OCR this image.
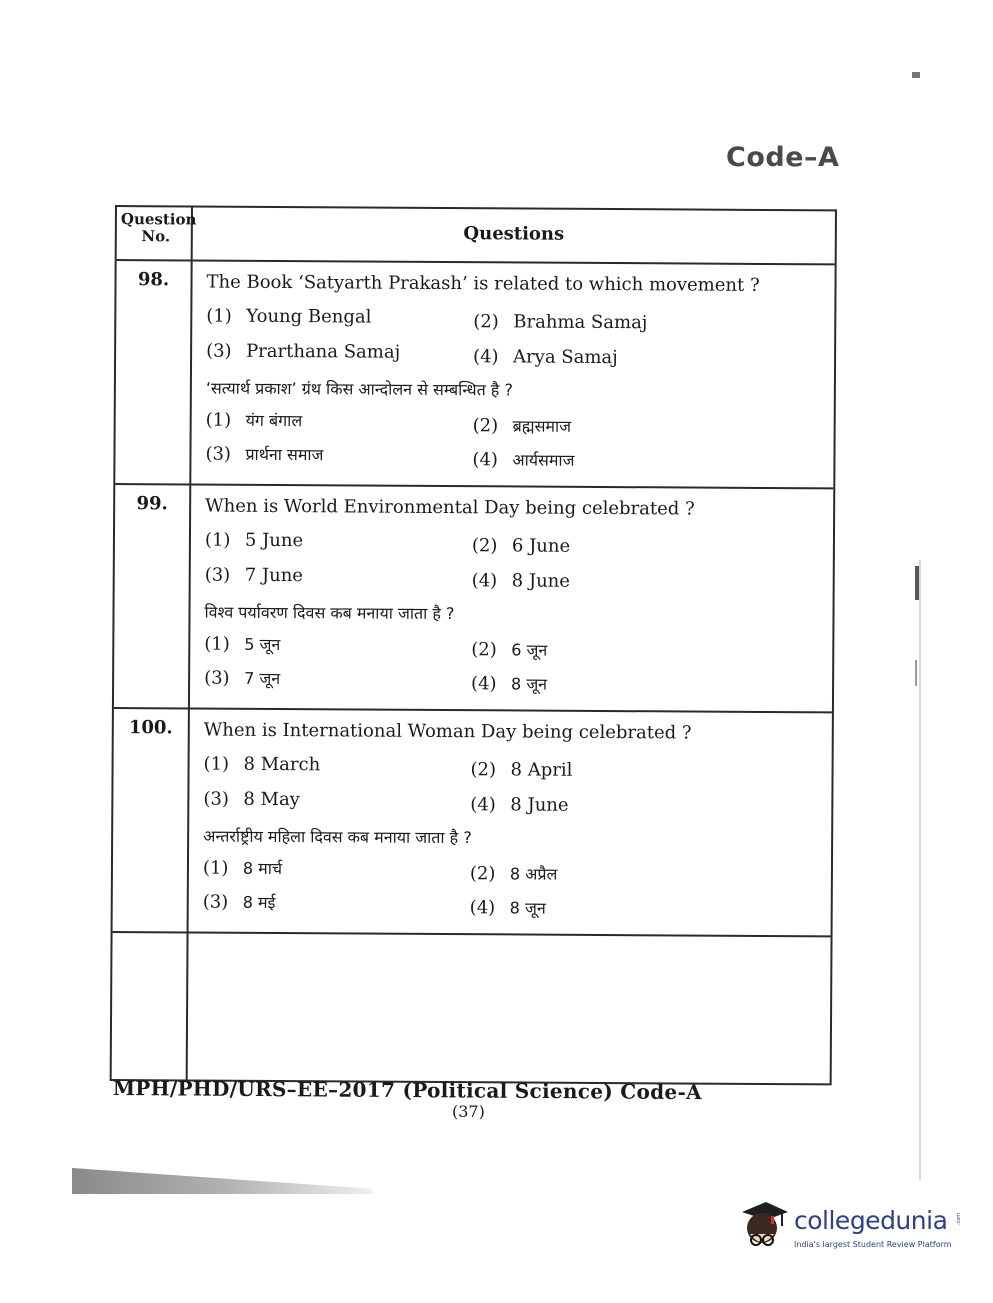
Code–A
Question No.	Questions
98.	The Book ‘Satyarth Prakash’ is related to which movement ?
(1) Young Bengal	(2) Brahma Samaj
(3) Prarthana Samaj	(4) Arya Samaj
‘सत्यार्थ प्रकाश’ ग्रंथ किस आन्दोलन से सम्बन्धित है ?
(1) यंग बंगाल	(2) ब्रह्मसमाज
(3) प्रार्थना समाज	(4) आर्यसमाज
99.	When is World Environmental Day being celebrated ?
(1) 5 June	(2) 6 June
(3) 7 June	(4) 8 June
विश्व पर्यावरण दिवस कब मनाया जाता है ?
(1) 5 जून	(2) 6 जून
(3) 7 जून	(4) 8 जून
100.	When is International Woman Day being celebrated ?
(1) 8 March	(2) 8 April
(3) 8 May	(4) 8 June
अन्तर्राष्ट्रीय महिला दिवस कब मनाया जाता है ?
(1) 8 मार्च	(2) 8 अप्रैल
(3) 8 मई	(4) 8 जून
MPH/PHD/URS–EE–2017 (Political Science) Code-A
(37)
collegedunia .com
India's largest Student Review Platform
